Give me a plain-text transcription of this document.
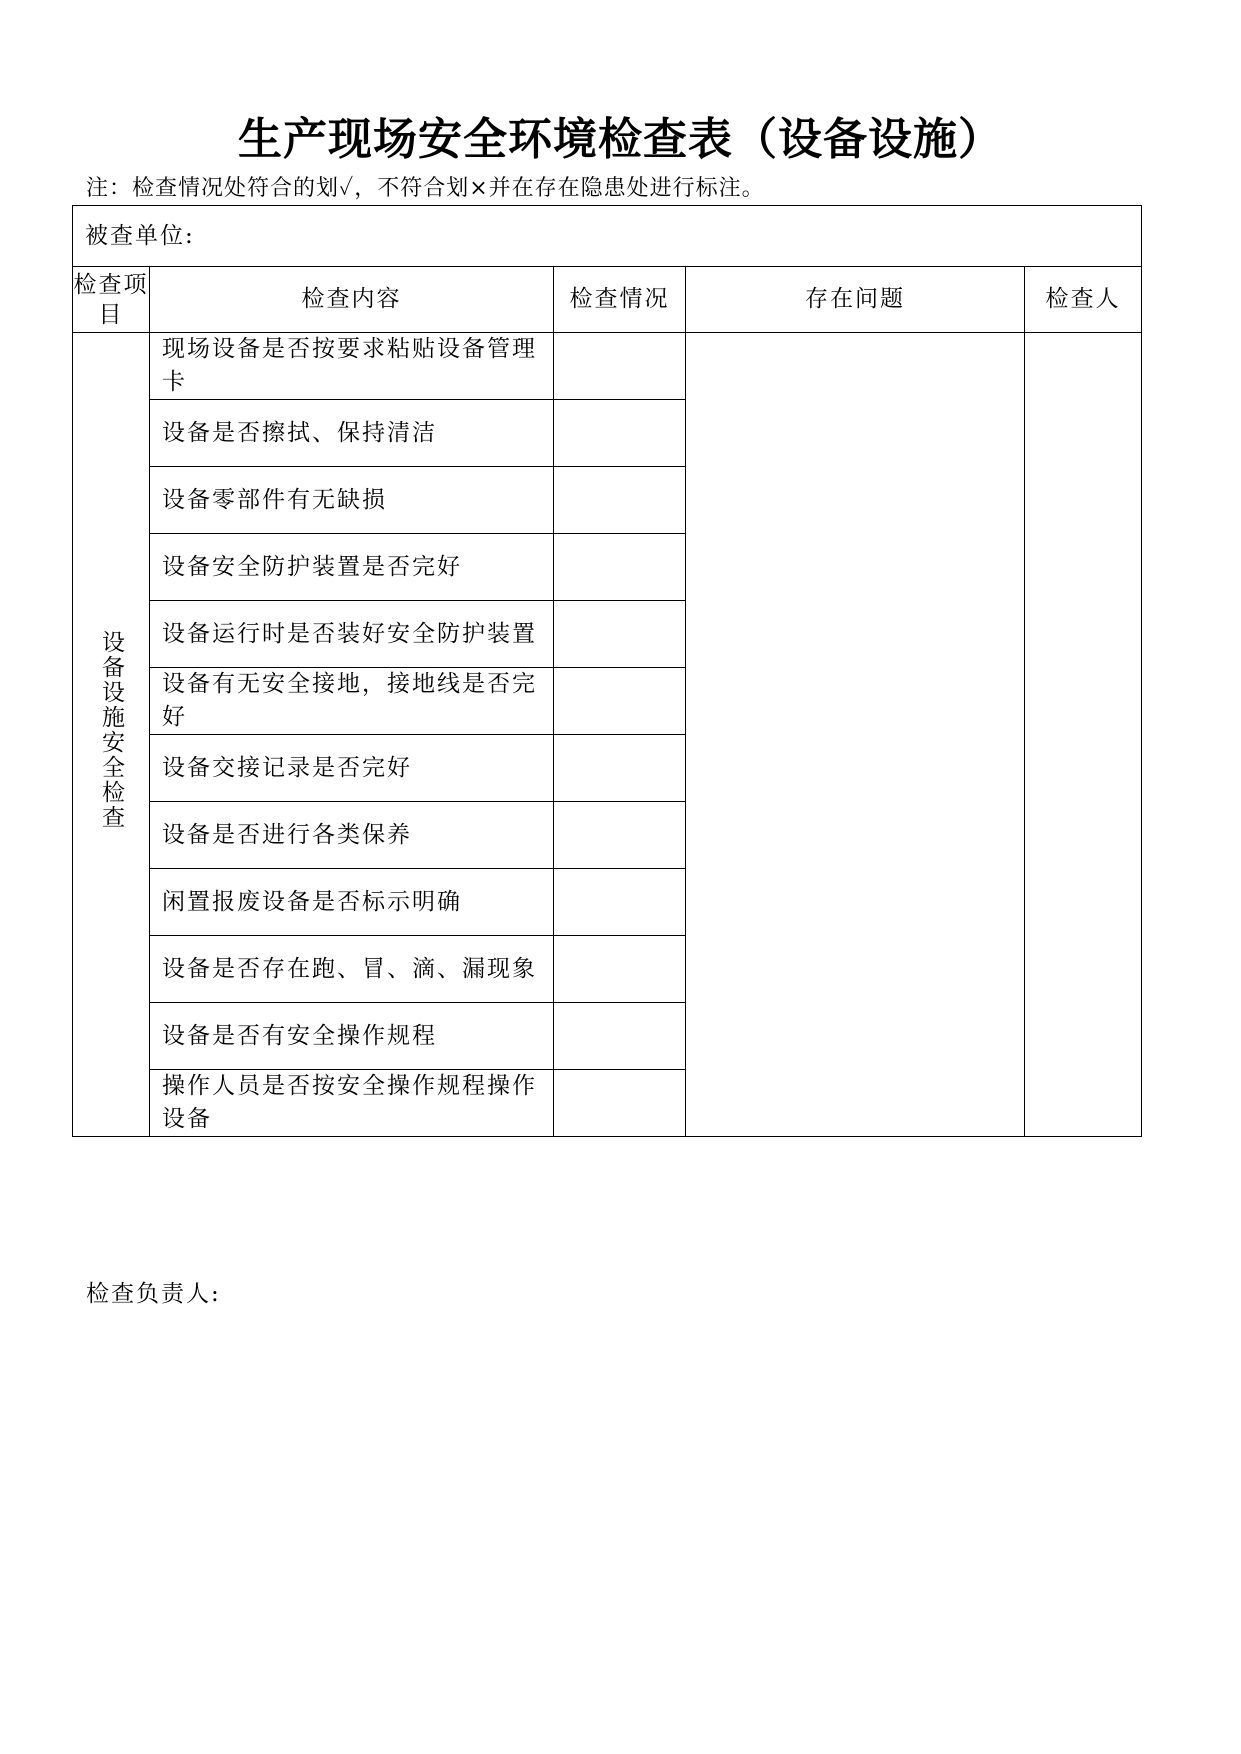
生产现场安全环境检查表（设备设施）
注：检查情况处符合的划✓，不符合划×并在存在隐患处进行标注。
被查单位:				
检查项目	检查内容	检查情况	存在问题	检查人
设备设施安全检查	现场设备是否按要求粘贴设备管理卡			
	设备是否擦拭、保持清洁			
	设备零部件有无缺损			
	设备安全防护装置是否完好			
	设备运行时是否装好安全防护装置			
	设备有无安全接地，接地线是否完好			
	设备交接记录是否完好			
	设备是否进行各类保养			
	闲置报废设备是否标示明确			
	设备是否存在跑、冒、滴、漏现象			
	设备是否有安全操作规程			
	操作人员是否按安全操作规程操作设备			
检查负责人:
